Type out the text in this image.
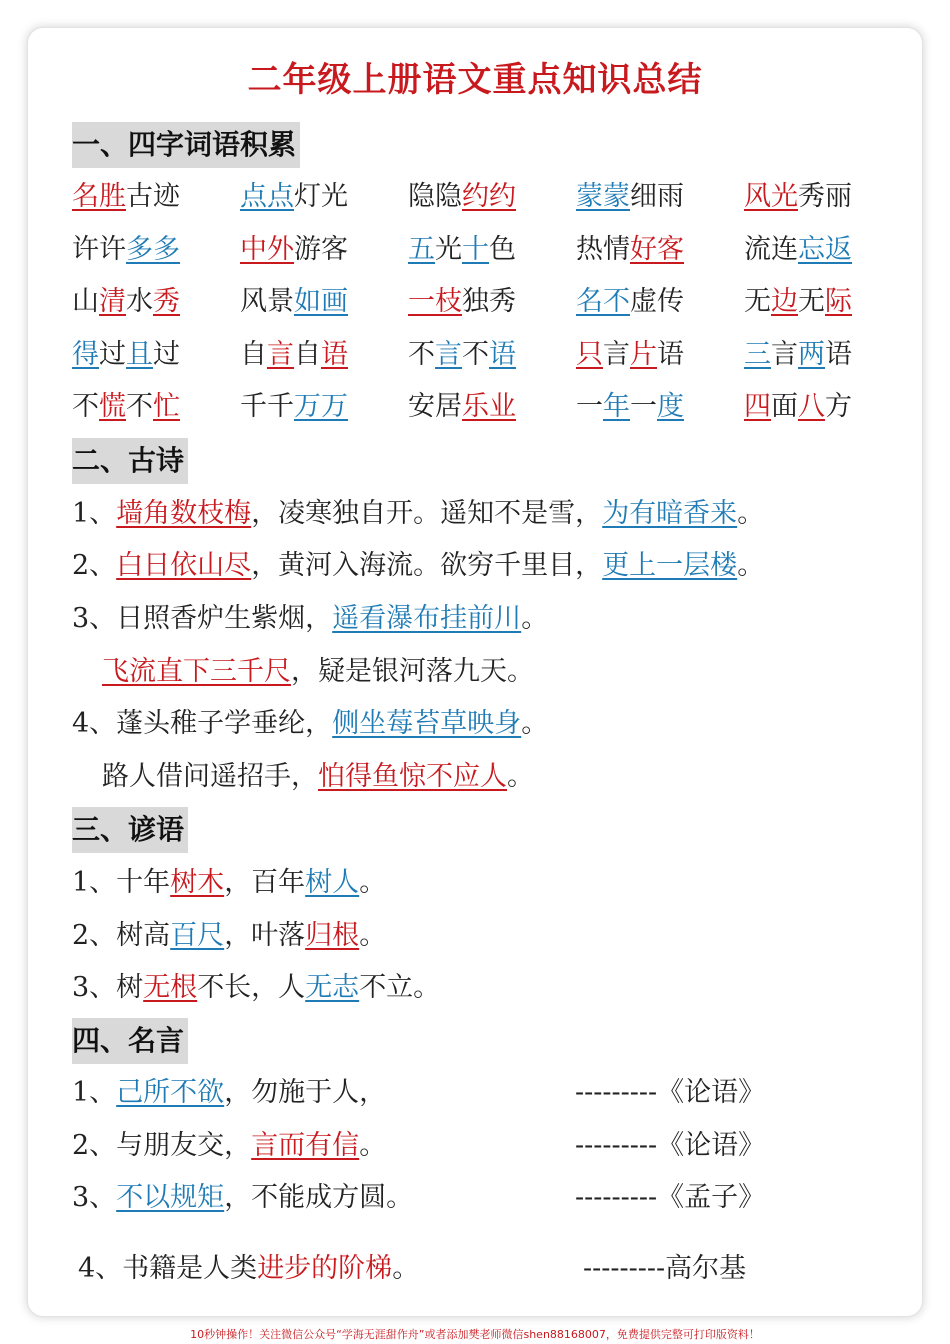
二年级上册语文重点知识总结
一、四字词语积累
名胜古迹 点点灯光 隐隐约约 蒙蒙细雨 风光秀丽
许许多多 中外游客 五光十色 热情好客 流连忘返
山清水秀 风景如画 一枝独秀 名不虚传 无边无际
得过且过 自言自语 不言不语 只言片语 三言两语
不慌不忙 千千万万 安居乐业 一年一度 四面八方
二、古诗
1、墙角数枝梅，凌寒独自开。遥知不是雪，为有暗香来。
2、白日依山尽，黄河入海流。欲穷千里目，更上一层楼。
3、日照香炉生紫烟，遥看瀑布挂前川。
飞流直下三千尺，疑是银河落九天。
4、蓬头稚子学垂纶，侧坐莓苔草映身。
路人借问遥招手，怕得鱼惊不应人。
三、谚语
1、十年树木，百年树人。
2、树高百尺，叶落归根。
3、树无根不长，人无志不立。
四、名言
1、己所不欲，勿施于人，
2、与朋友交，言而有信。
3、不以规矩，不能成方圆。
4、书籍是人类进步的阶梯。
---------《论语》
---------《论语》
---------《孟子》
---------高尔基
10秒钟操作！关注微信公众号“学海无涯甜作舟”或者添加樊老师微信shen88168007，免费提供完整可打印版资料！
